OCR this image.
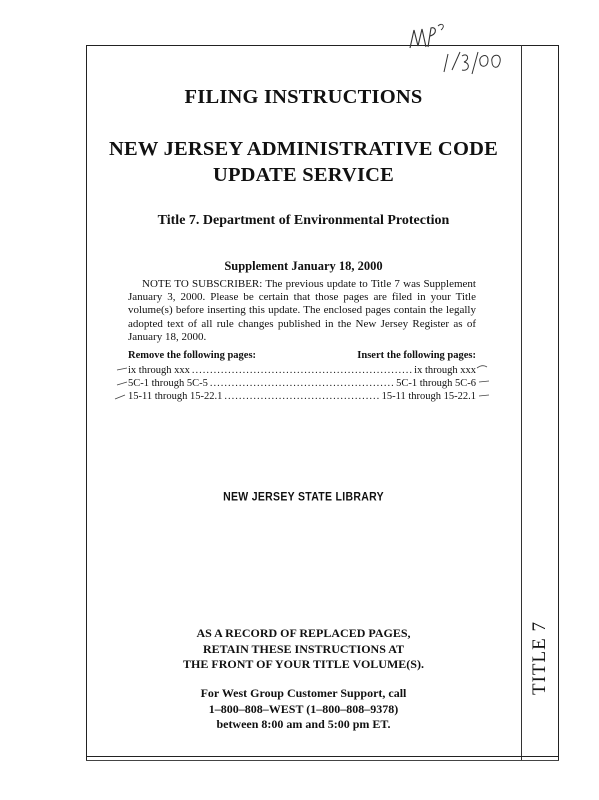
FILING INSTRUCTIONS
NEW JERSEY ADMINISTRATIVE CODE
UPDATE SERVICE
Title 7. Department of Environmental Protection
Supplement January 18, 2000
NOTE TO SUBSCRIBER: The previous update to Title 7 was Supplement January 3, 2000. Please be certain that those pages are filed in your Title volume(s) before inserting this update. The enclosed pages contain the legally adopted text of all rule changes published in the New Jersey Register as of January 18, 2000.
Remove the following pages:	Insert the following pages:
ix through xxx .....	ix through xxx
5C-1 through 5C-5 .....	5C-1 through 5C-6
15-11 through 15-22.1 .....	15-11 through 15-22.1
NEW JERSEY STATE LIBRARY
AS A RECORD OF REPLACED PAGES,
RETAIN THESE INSTRUCTIONS AT
THE FRONT OF YOUR TITLE VOLUME(S).
For West Group Customer Support, call
1–800–808–WEST (1–800–808–9378)
between 8:00 am and 5:00 pm ET.
TITLE 7
